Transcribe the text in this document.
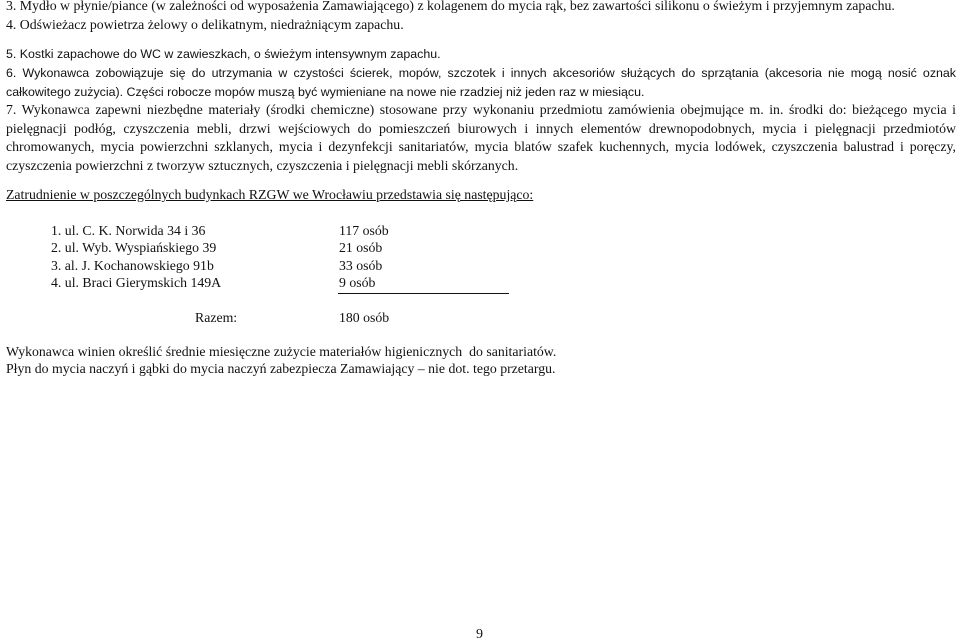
3. Mydło w płynie/piance (w zależności od wyposażenia Zamawiającego) z kolagenem do mycia rąk, bez zawartości silikonu o świeżym i przyjemnym zapachu.
4. Odświeżacz powietrza żelowy o delikatnym, niedrażniącym zapachu.
5. Kostki zapachowe do WC w zawieszkach, o świeżym intensywnym zapachu.
6. Wykonawca zobowiązuje się do utrzymania w czystości ścierek, mopów, szczotek i innych akcesoriów służących do sprzątania (akcesoria nie mogą nosić oznak całkowitego zużycia). Części robocze mopów muszą być wymieniane na nowe nie rzadziej niż jeden raz w miesiącu.
7. Wykonawca zapewni niezbędne materiały (środki chemiczne) stosowane przy wykonaniu przedmiotu zamówienia obejmujące m. in. środki do: bieżącego mycia i pielęgnacji podłóg, czyszczenia mebli, drzwi wejściowych do pomieszczeń biurowych i innych elementów drewnopodobnych, mycia i pielęgnacji przedmiotów chromowanych, mycia powierzchni szklanych, mycia i dezynfekcji sanitariatów, mycia blatów szafek kuchennych, mycia lodówek, czyszczenia balustrad i poręczy, czyszczenia powierzchni z tworzyw sztucznych, czyszczenia i pielęgnacji mebli skórzanych.
Zatrudnienie w poszczególnych budynkach RZGW we Wrocławiu przedstawia się następująco:
1. ul. C. K. Norwida 34 i 36	117 osób
2. ul. Wyb. Wyspiańskiego 39	21 osób
3. al. J. Kochanowskiego 91b	33 osób
4. ul. Braci Gierymskich 149A	9 osób
Razem:	180 osób
Wykonawca winien określić średnie miesięczne zużycie materiałów higienicznych  do sanitariatów.
Płyn do mycia naczyń i gąbki do mycia naczyń zabezpiecza Zamawiający – nie dot. tego przetargu.
9
